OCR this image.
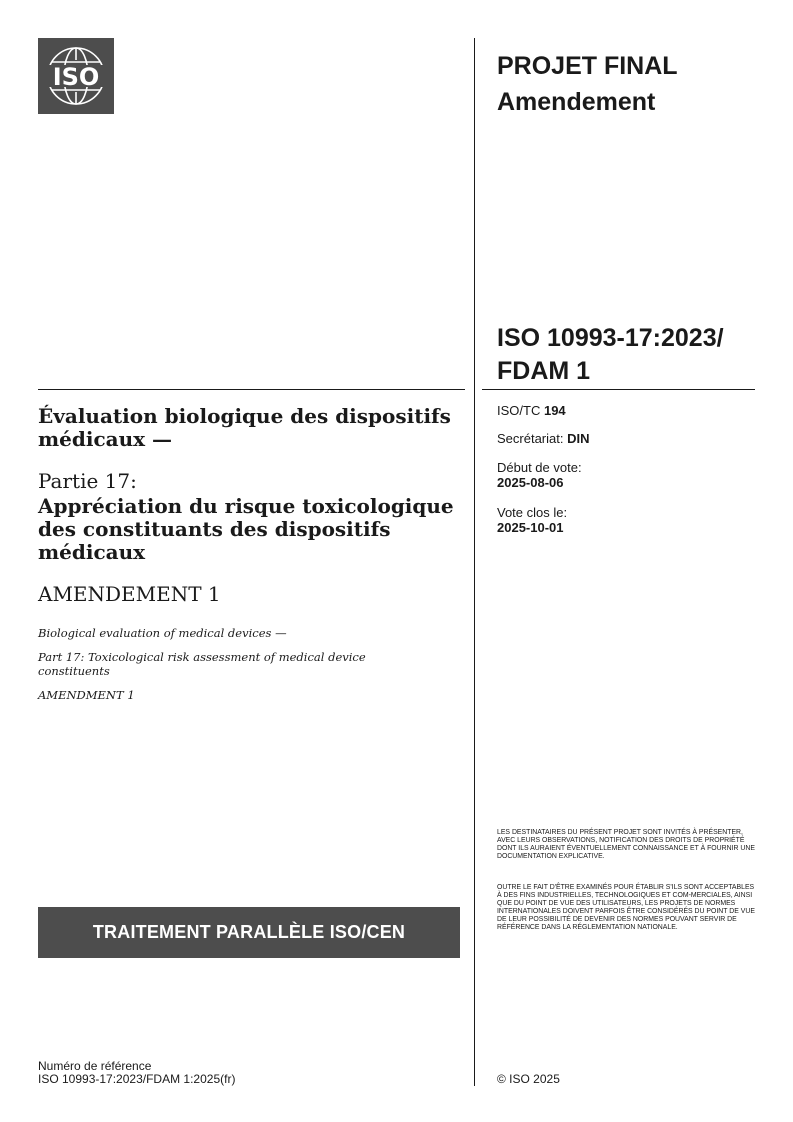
ISO	PROJET FINAL
Amendement
ISO 10993-17:2023/
FDAM 1
ISO/TC 194
Secrétariat: DIN
Début de vote:
2025-08-06
Vote clos le:
2025-10-01
Évaluation biologique des dispositifs médicaux —
Partie 17:
Appréciation du risque toxicologique des constituants des dispositifs médicaux
AMENDEMENT 1
Biological evaluation of medical devices —
Part 17: Toxicological risk assessment of medical device constituents
AMENDMENT 1
TRAITEMENT PARALLÈLE ISO/CEN
LES DESTINATAIRES DU PRÉSENT PROJET SONT INVITÉS À PRÉSENTER, AVEC LEURS OBSERVATIONS, NOTIFICATION DES DROITS DE PROPRIÉTÉ DONT ILS AURAIENT ÉVENTUELLEMENT CONNAISSANCE ET À FOURNIR UNE DOCUMENTATION EXPLICATIVE.
OUTRE LE FAIT D'ÊTRE EXAMINÉS POUR ÉTABLIR S'ILS SONT ACCEPTABLES À DES FINS INDUSTRIELLES, TECHNOLOGIQUES ET COM-MERCIALES, AINSI QUE DU POINT DE VUE DES UTILISATEURS, LES PROJETS DE NORMES INTERNATIONALES DOIVENT PARFOIS ÊTRE CONSIDÉRÉS DU POINT DE VUE DE LEUR POSSIBILITÉ DE DEVENIR DES NORMES POUVANT SERVIR DE RÉFÉRENCE DANS LA RÉGLEMENTATION NATIONALE.
Numéro de référence
ISO 10993-17:2023/FDAM 1:2025(fr)	© ISO 2025
